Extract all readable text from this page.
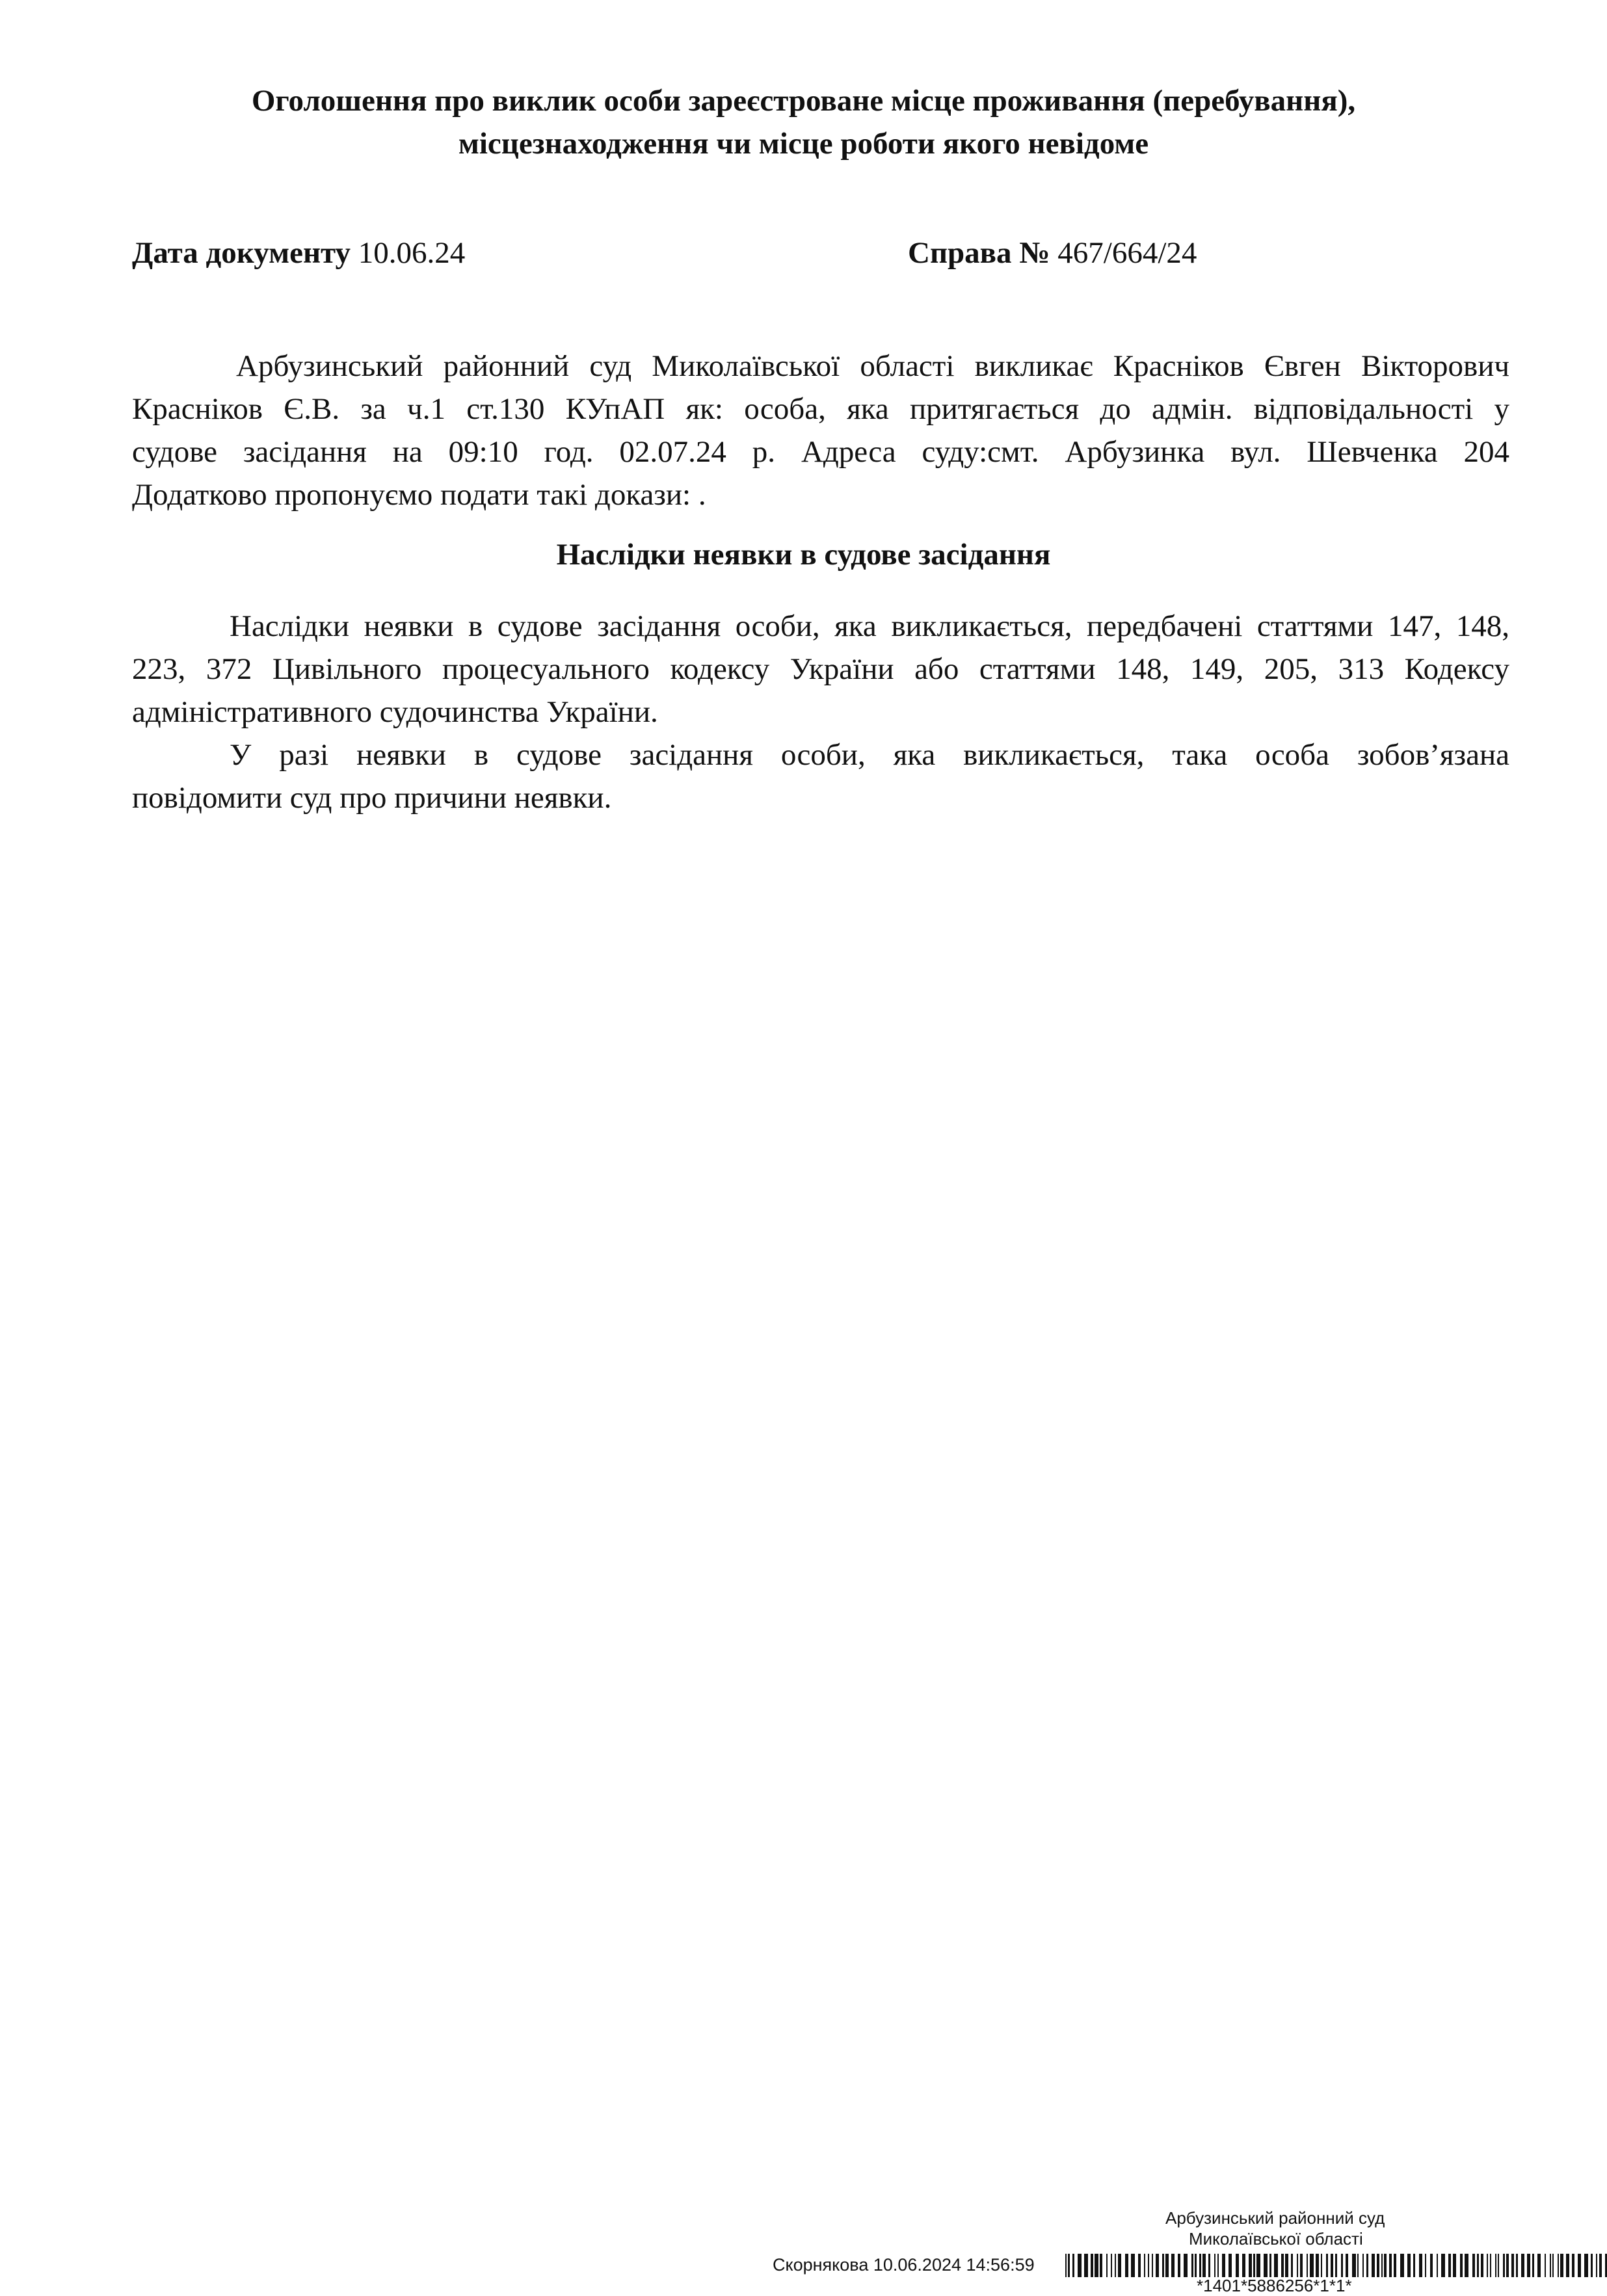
Оголошення про виклик особи зареєстроване місце проживання (перебування),
місцезнаходження чи місце роботи якого невідоме
Дата документу 10.06.24	Справа № 467/664/24
Арбузинський районний суд Миколаївської області викликає Красніков Євген Вікторович
Красніков Є.В. за ч.1 ст.130 КУпАП як: особа, яка притягається до адмін. відповідальності у
судове засідання на 09:10 год. 02.07.24 р. Адреса суду:смт. Арбузинка вул. Шевченка 204
Додатково пропонуємо подати такі докази: .
Наслідки неявки в судове засідання
Наслідки неявки в судове засідання особи, яка викликається, передбачені статтями 147, 148,
223, 372 Цивільного процесуального кодексу України або статтями 148, 149, 205, 313 Кодексу
адміністративного судочинства України.
У разі неявки в судове засідання особи, яка викликається, така особа зобов’язана
повідомити суд про причини неявки.
Арбузинський районний суд
Миколаївської області
Скорнякова 10.06.2024 14:56:59
*1401*5886256*1*1*
